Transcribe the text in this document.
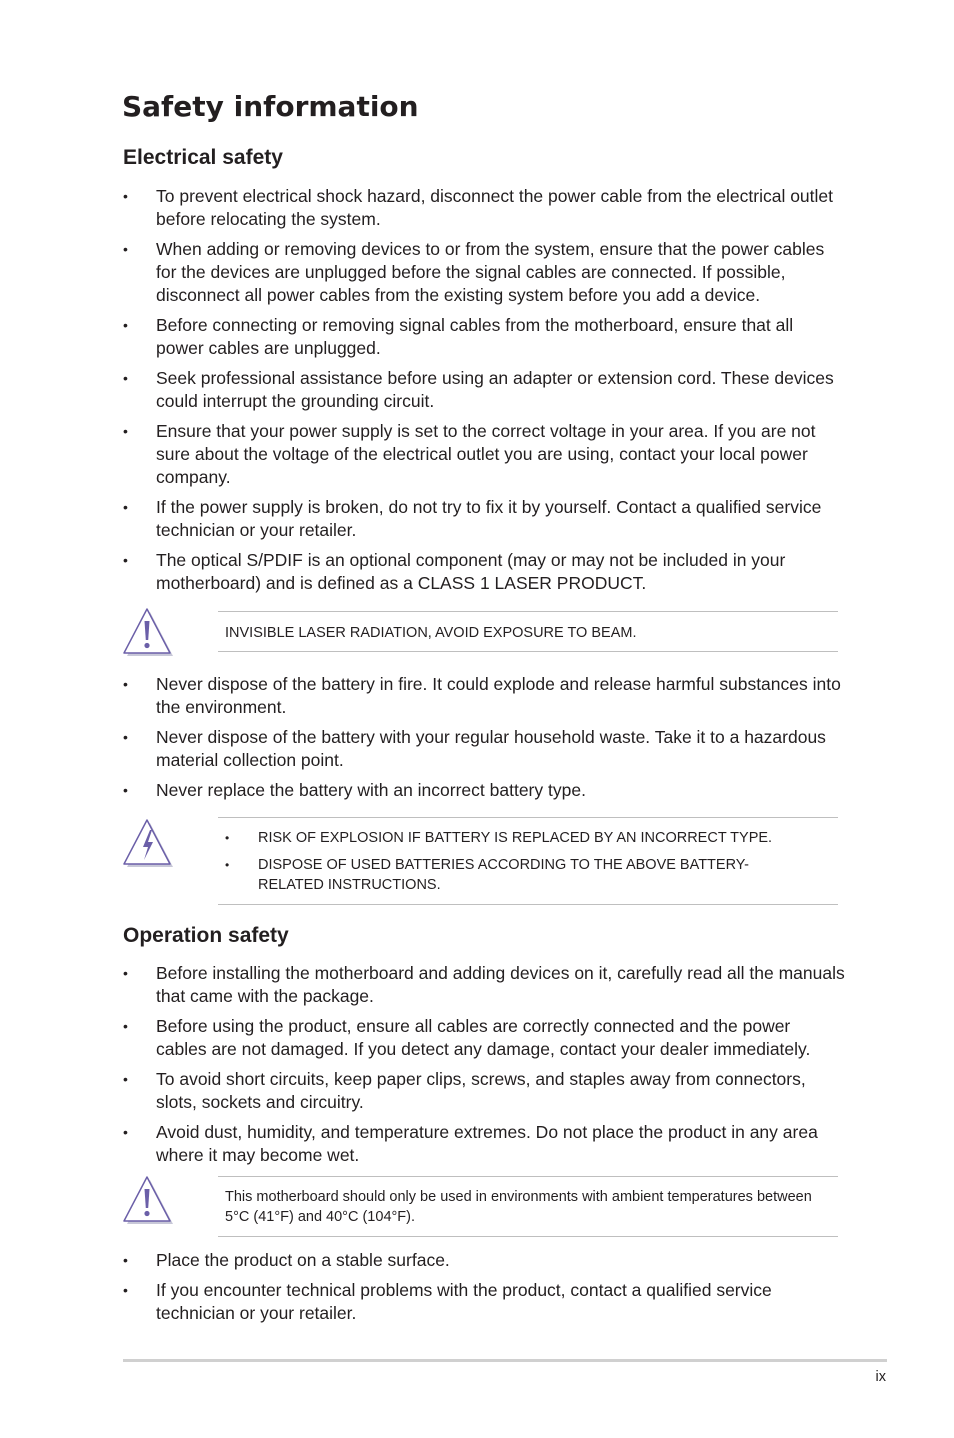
Safety information
Electrical safety
• To prevent electrical shock hazard, disconnect the power cable from the electrical outlet
before relocating the system.
• When adding or removing devices to or from the system, ensure that the power cables
for the devices are unplugged before the signal cables are connected. If possible,
disconnect all power cables from the existing system before you add a device.
• Before connecting or removing signal cables from the motherboard, ensure that all
power cables are unplugged.
• Seek professional assistance before using an adapter or extension cord. These devices
could interrupt the grounding circuit.
• Ensure that your power supply is set to the correct voltage in your area. If you are not
sure about the voltage of the electrical outlet you are using, contact your local power
company.
• If the power supply is broken, do not try to fix it by yourself. Contact a qualified service
technician or your retailer.
• The optical S/PDIF is an optional component (may or may not be included in your
motherboard) and is defined as a CLASS 1 LASER PRODUCT.
INVISIBLE LASER RADIATION, AVOID EXPOSURE TO BEAM.
• Never dispose of the battery in fire. It could explode and release harmful substances into
the environment.
• Never dispose of the battery with your regular household waste. Take it to a hazardous
material collection point.
• Never replace the battery with an incorrect battery type.
• RISK OF EXPLOSION IF BATTERY IS REPLACED BY AN INCORRECT TYPE.
• DISPOSE OF USED BATTERIES ACCORDING TO THE ABOVE BATTERY-
RELATED INSTRUCTIONS.
Operation safety
• Before installing the motherboard and adding devices on it, carefully read all the manuals
that came with the package.
• Before using the product, ensure all cables are correctly connected and the power
cables are not damaged. If you detect any damage, contact your dealer immediately.
• To avoid short circuits, keep paper clips, screws, and staples away from connectors,
slots, sockets and circuitry.
• Avoid dust, humidity, and temperature extremes. Do not place the product in any area
where it may become wet.
This motherboard should only be used in environments with ambient temperatures between
5°C (41°F) and 40°C (104°F).
• Place the product on a stable surface.
• If you encounter technical problems with the product, contact a qualified service
technician or your retailer.
ix
